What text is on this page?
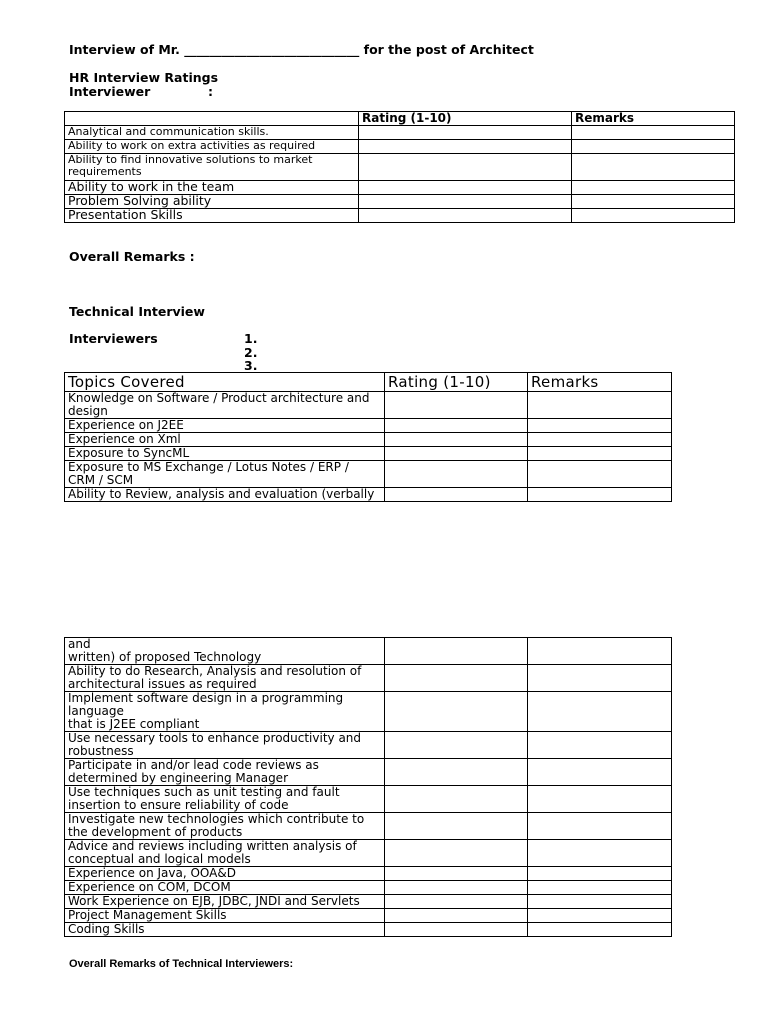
Interview of Mr. ____________________________ for the post of Architect
HR Interview Ratings
Interviewer	:
	Rating (1-10)	Remarks
Analytical and communication skills.		
Ability to work on extra activities as required		

Ability to find innovative solutions to market
requirements		

Ability to work in the team		
Problem Solving ability		
Presentation Skills		
Overall Remarks :
Technical Interview
Interviewers	1.
2.
3.
Topics Covered	Rating (1-10)	Remarks

Knowledge on Software / Product architecture and
design		

Experience on J2EE		

Experience on Xml		

Exposure to SyncML		

Exposure to MS Exchange / Lotus Notes / ERP /
CRM / SCM		

Ability to Review, analysis and evaluation (verbally		

and
written) of proposed Technology		

Ability to do Research, Analysis and resolution of
architectural issues as required		

Implement software design in a programming
language
that is J2EE compliant		

Use necessary tools to enhance productivity and
robustness		

Participate in and/or lead code reviews as
determined by engineering Manager		

Use techniques such as unit testing and fault
insertion to ensure reliability of code		

Investigate new technologies which contribute to
the development of products		

Advice and reviews including written analysis of
conceptual and logical models		

Experience on Java, OOA&D		

Experience on COM, DCOM		

Work Experience on EJB, JDBC, JNDI and Servlets		

Project Management Skills		

Coding Skills		

Overall Remarks of Technical Interviewers:
